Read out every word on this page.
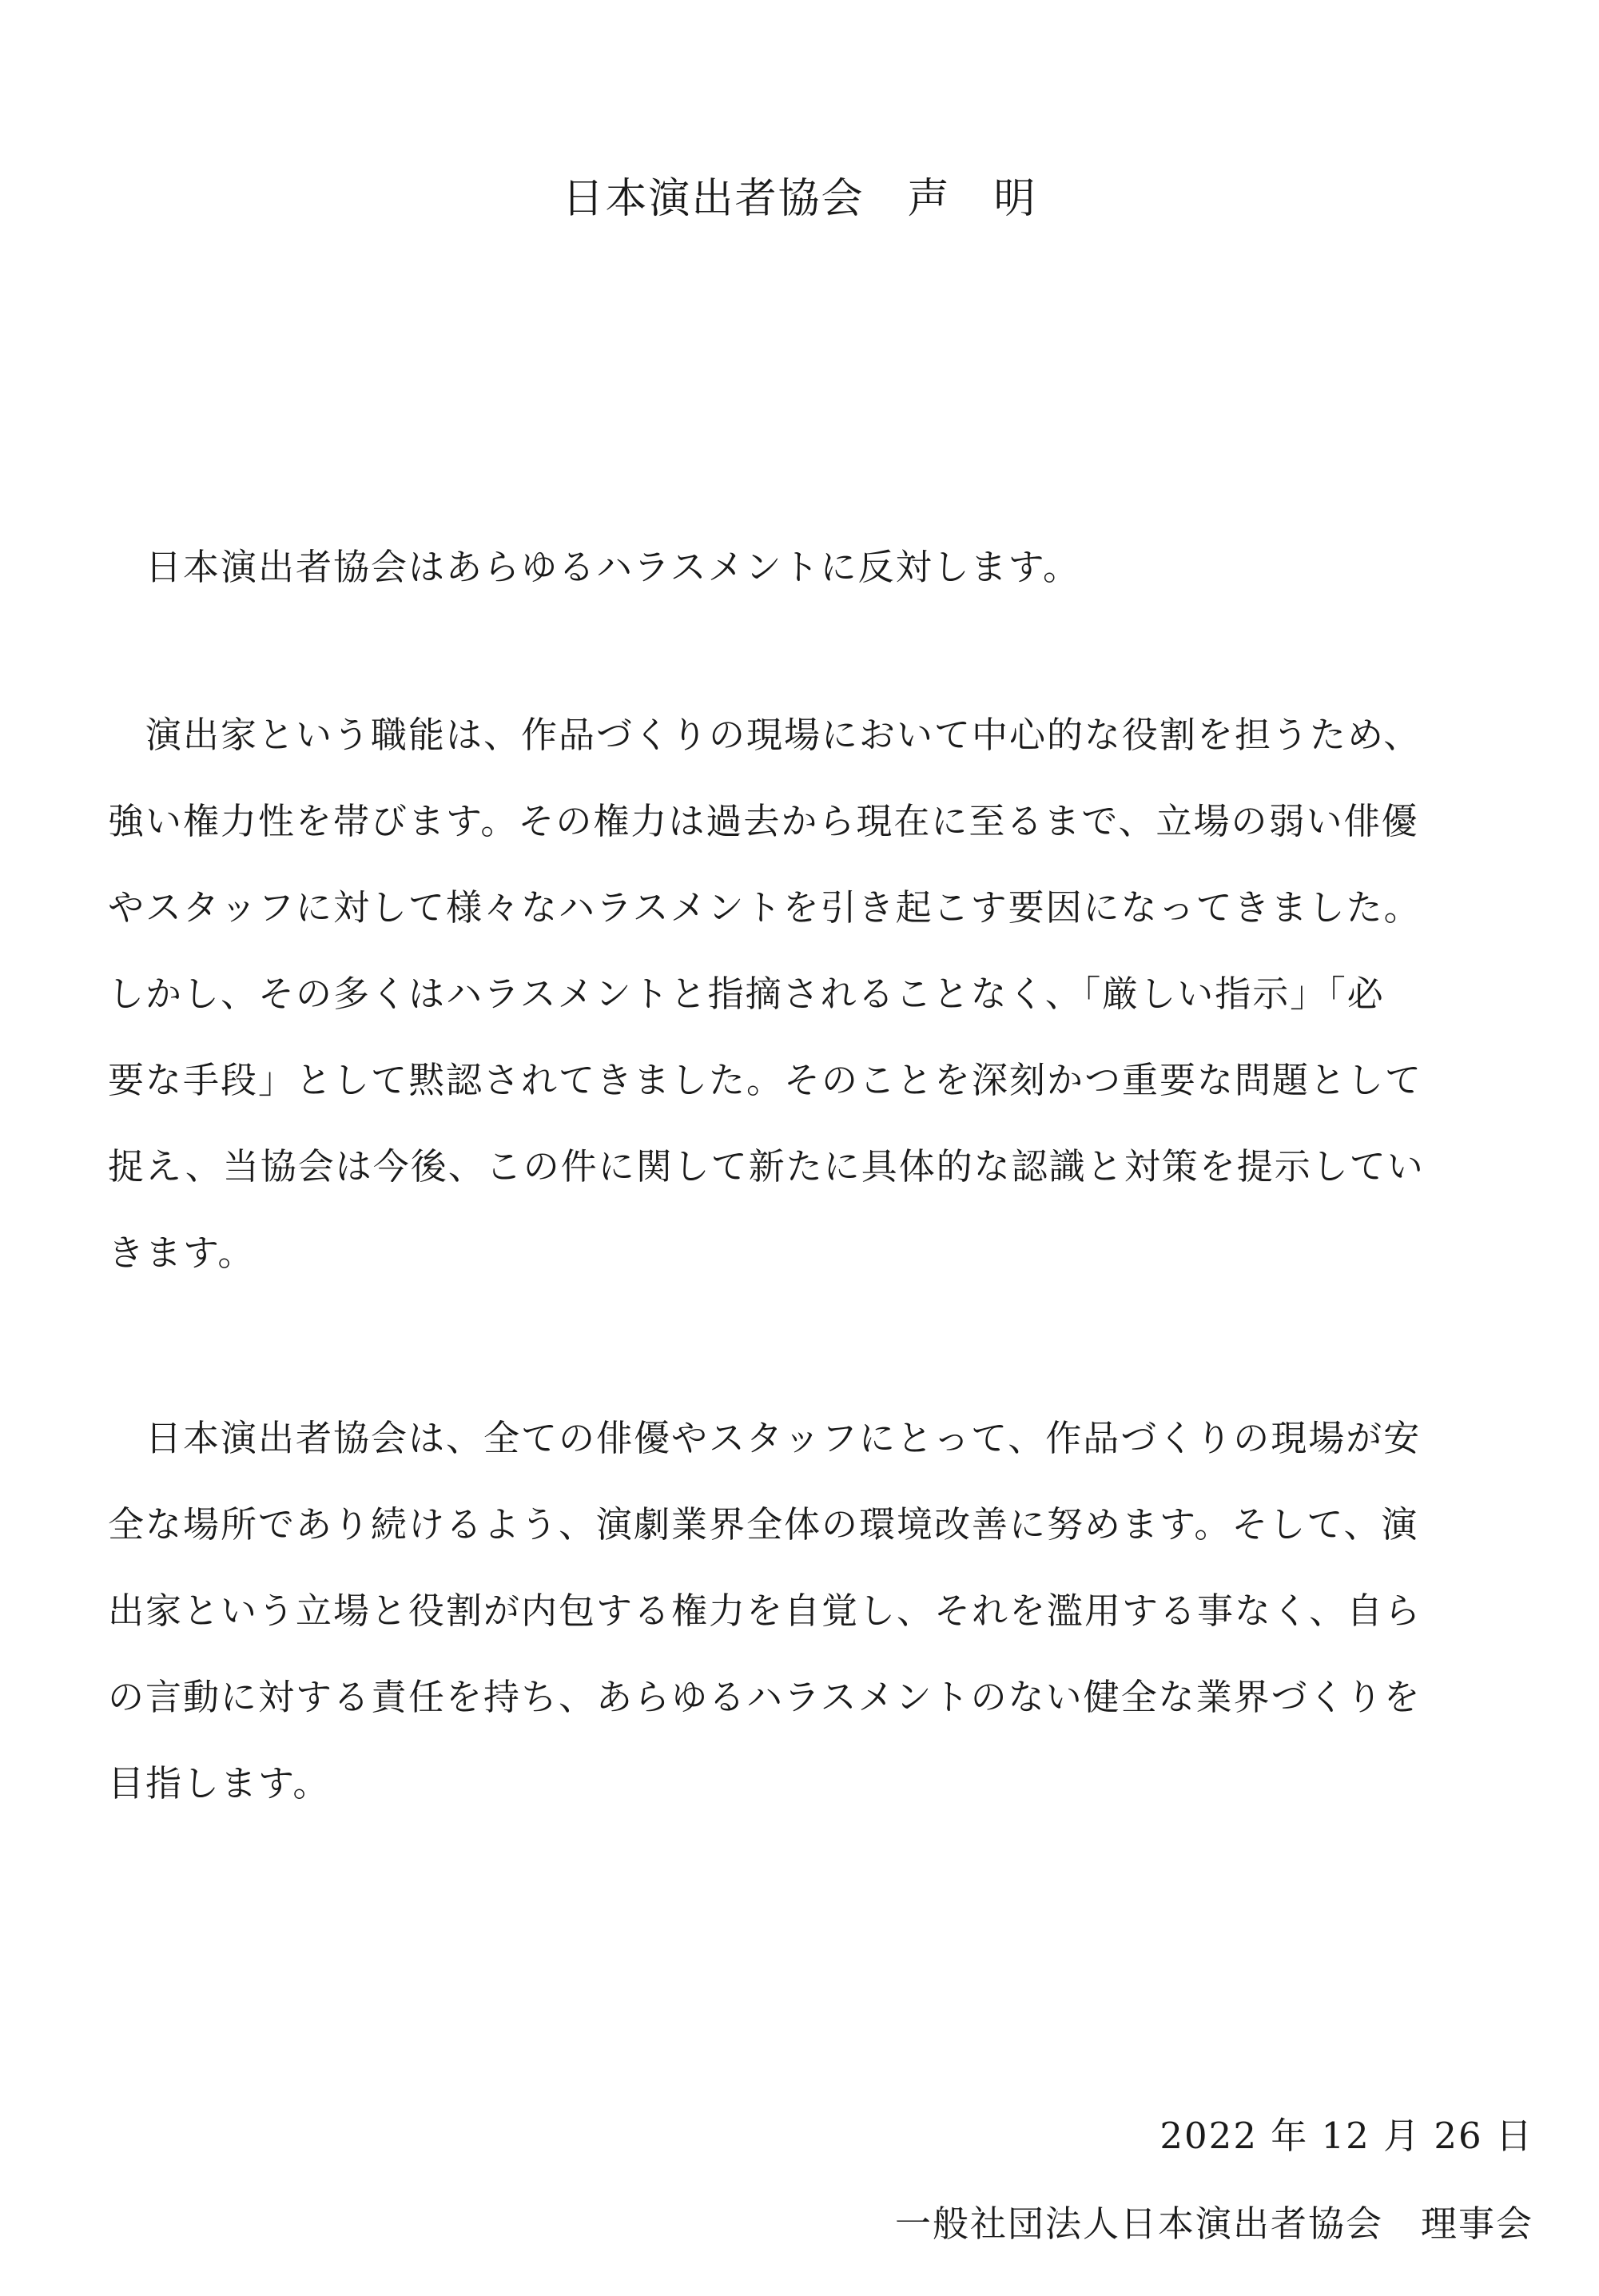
日本演出者協会　声　明
　日本演出者協会はあらゆるハラスメントに反対します。
　演出家という職能は、作品づくりの現場において中心的な役割を担うため、
強い権力性を帯びます。その権力は過去から現在に至るまで、立場の弱い俳優
やスタッフに対して様々なハラスメントを引き起こす要因になってきました。
しかし、その多くはハラスメントと指摘されることなく、「厳しい指示」「必
要な手段」として黙認されてきました。そのことを深刻かつ重要な問題として
捉え、当協会は今後、この件に関して新たに具体的な認識と対策を提示してい
きます。
　日本演出者協会は、全ての俳優やスタッフにとって、作品づくりの現場が安
全な場所であり続けるよう、演劇業界全体の環境改善に努めます。そして、演
出家という立場と役割が内包する権力を自覚し、それを濫用する事なく、自ら
の言動に対する責任を持ち、あらゆるハラスメントのない健全な業界づくりを
目指します。
2022 年 12 月 26 日
一般社団法人日本演出者協会　理事会
